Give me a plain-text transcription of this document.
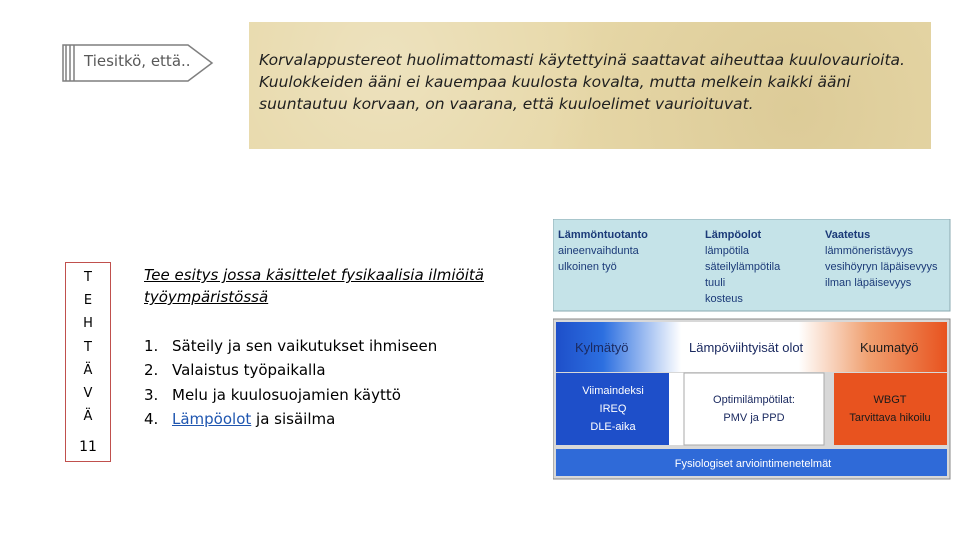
Tiesitkö, että..	Korvalappustereot huolimattomasti käytettyinä saattavat aiheuttaa kuulovaurioita. Kuulokkeiden ääni ei kauempaa kuulosta kovalta, mutta melkein kaikki ääni suuntautuu korvaan, on vaarana, että kuuloelimet vaurioituvat.

T
E
H
T
Ä
V
Ä
11

Tee esitys jossa käsittelet fysikaalisia ilmiöitä työympäristössä

1. Säteily ja sen vaikutukset ihmiseen
2. Valaistus työpaikalla
3. Melu ja kuulosuojamien käyttö
4. Lämpöolot ja sisäilma
Lämmöntuotanto
aineenvaihdunta
ulkoinen työ
Lämpöolot
lämpötila
säteilylämpötila
tuuli
kosteus
Vaatetus
lämmöneristävyys
vesihöyryn läpäisevyys
ilman läpäisevyys
Kylmätyö	Lämpöviihtyisät olot	Kuumatyö
Viimaindeksi
IREQ
DLE-aika
Optimilämpötilat:
PMV ja PPD
WBGT
Tarvittava hikoilu
Fysiologiset arviointimenetelmät
